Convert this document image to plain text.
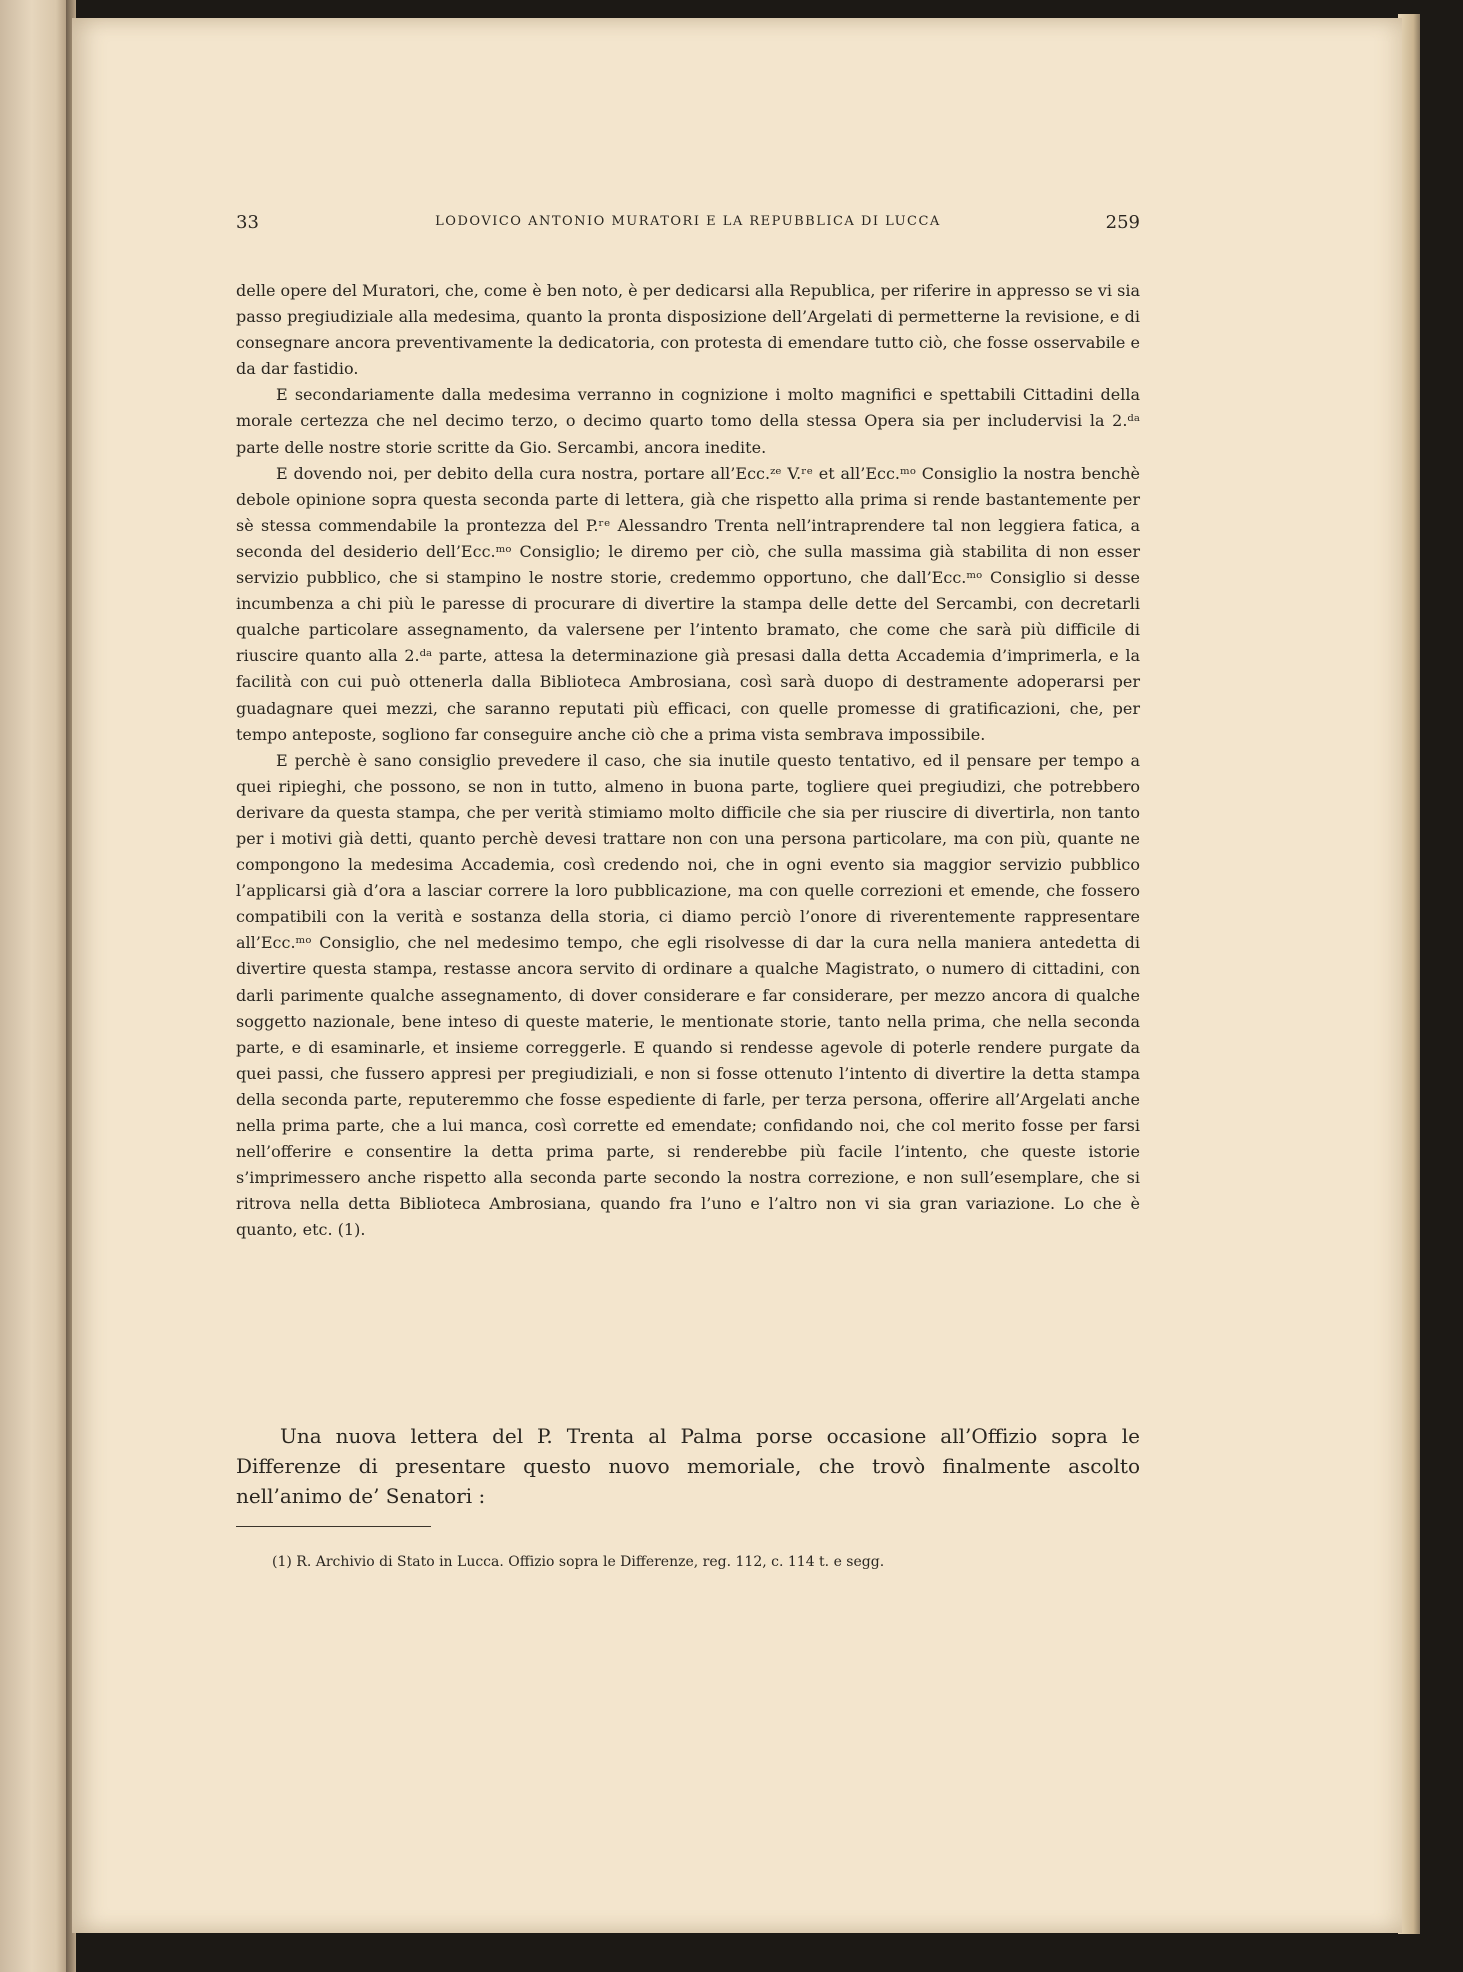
33	LODOVICO ANTONIO MURATORI E LA REPUBBLICA DI LUCCA	259

delle opere del Muratori, che, come è ben noto, è per dedicarsi alla Republica, per riferire in appresso se vi sia passo pregiudiziale alla medesima, quanto la pronta disposizione dell’Argelati di permetterne la revisione, e di consegnare ancora preventivamente la dedicatoria, con protesta di emendare tutto ciò, che fosse osservabile e da dar fastidio.

E secondariamente dalla medesima verranno in cognizione i molto magnifici e spettabili Cittadini della morale certezza che nel decimo terzo, o decimo quarto tomo della stessa Opera sia per includervisi la 2.ᵈᵃ parte delle nostre storie scritte da Gio. Sercambi, ancora inedite.

E dovendo noi, per debito della cura nostra, portare all’Ecc.ᶻᵉ V.ʳᵉ et all’Ecc.ᵐᵒ Consiglio la nostra benchè debole opinione sopra questa seconda parte di lettera, già che rispetto alla prima si rende bastantemente per sè stessa commendabile la prontezza del P.ʳᵉ Alessandro Trenta nell’intraprendere tal non leggiera fatica, a seconda del desiderio dell’Ecc.ᵐᵒ Consiglio; le diremo per ciò, che sulla massima già stabilita di non esser servizio pubblico, che si stampino le nostre storie, credemmo opportuno, che dall’Ecc.ᵐᵒ Consiglio si desse incumbenza a chi più le paresse di procurare di divertire la stampa delle dette del Sercambi, con decretarli qualche particolare assegnamento, da valersene per l’intento bramato, che come che sarà più difficile di riuscire quanto alla 2.ᵈᵃ parte, attesa la determinazione già presasi dalla detta Accademia d’imprimerla, e la facilità con cui può ottenerla dalla Biblioteca Ambrosiana, così sarà duopo di destramente adoperarsi per guadagnare quei mezzi, che saranno reputati più efficaci, con quelle promesse di gratificazioni, che, per tempo anteposte, sogliono far conseguire anche ciò che a prima vista sembrava impossibile.

E perchè è sano consiglio prevedere il caso, che sia inutile questo tentativo, ed il pensare per tempo a quei ripieghi, che possono, se non in tutto, almeno in buona parte, togliere quei pregiudizi, che potrebbero derivare da questa stampa, che per verità stimiamo molto difficile che sia per riuscire di divertirla, non tanto per i motivi già detti, quanto perchè devesi trattare non con una persona particolare, ma con più, quante ne compongono la medesima Accademia, così credendo noi, che in ogni evento sia maggior servizio pubblico l’applicarsi già d’ora a lasciar correre la loro pubblicazione, ma con quelle correzioni et emende, che fossero compatibili con la verità e sostanza della storia, ci diamo perciò l’onore di riverentemente rappresentare all’Ecc.ᵐᵒ Consiglio, che nel medesimo tempo, che egli risolvesse di dar la cura nella maniera antedetta di divertire questa stampa, restasse ancora servito di ordinare a qualche Magistrato, o numero di cittadini, con darli parimente qualche assegnamento, di dover considerare e far considerare, per mezzo ancora di qualche soggetto nazionale, bene inteso di queste materie, le mentionate storie, tanto nella prima, che nella seconda parte, e di esaminarle, et insieme correggerle. E quando si rendesse agevole di poterle rendere purgate da quei passi, che fussero appresi per pregiudiziali, e non si fosse ottenuto l’intento di divertire la detta stampa della seconda parte, reputeremmo che fosse espediente di farle, per terza persona, offerire all’Argelati anche nella prima parte, che a lui manca, così corrette ed emendate; confidando noi, che col merito fosse per farsi nell’offerire e consentire la detta prima parte, si renderebbe più facile l’intento, che queste istorie s’imprimessero anche rispetto alla seconda parte secondo la nostra correzione, e non sull’esemplare, che si ritrova nella detta Biblioteca Ambrosiana, quando fra l’uno e l’altro non vi sia gran variazione. Lo che è quanto, etc. (1).

Una nuova lettera del P. Trenta al Palma porse occasione all’Offizio sopra le Differenze di presentare questo nuovo memoriale, che trovò finalmente ascolto nell’animo de’ Senatori :

(1) R. Archivio di Stato in Lucca. Offizio sopra le Differenze, reg. 112, c. 114 t. e segg.
